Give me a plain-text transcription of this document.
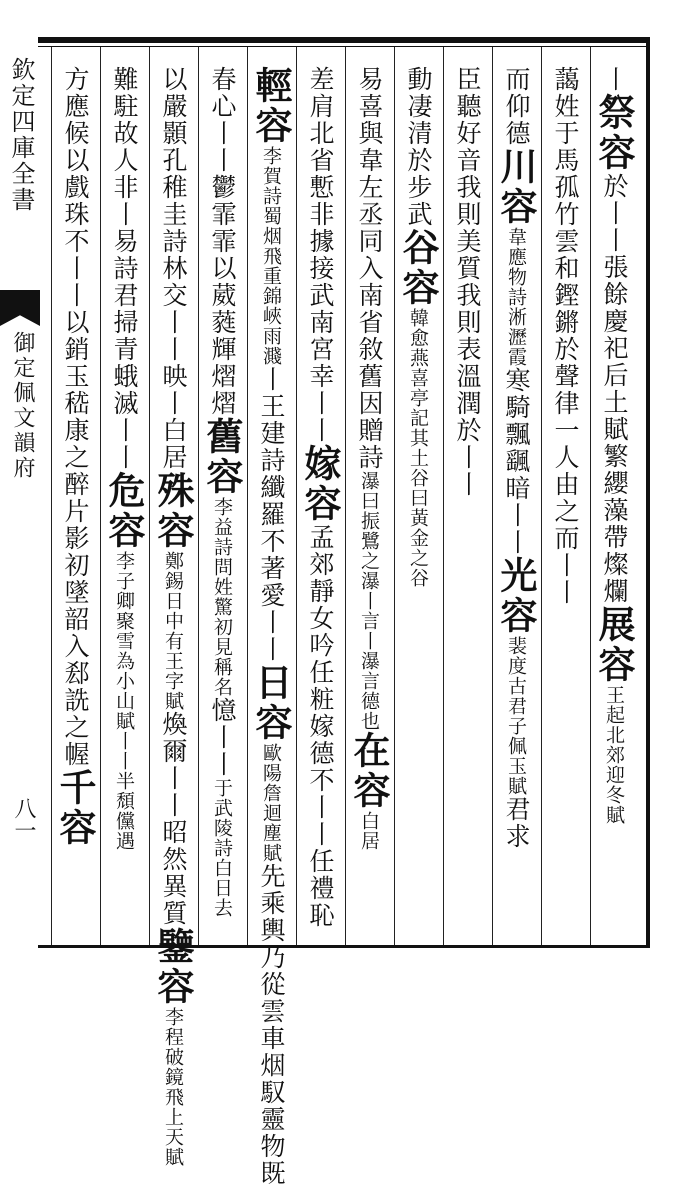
欽定四庫全書
御定佩文韻府
八一
丨祭容於丨丨張餘慶祀后土賦繁纓藻帶燦爛展容王起北郊迎冬賦
藹姓于馬孤竹雲和鏗鏘於聲律一人由之而丨丨
而仰德川容韋應物詩淅瀝霞寒騎飄颻暗丨丨光容裴度古君子佩玉賦君求
臣聽好音我則美質我則表溫潤於丨丨
動凄清於步武谷容韓愈燕喜亭記其土谷曰黃金之谷
易喜與韋左丞同入南省敘舊因贈詩瀑曰振鷺之瀑丨言丨瀑言德也在容白居
差肩北省慙非據接武南宮幸丨丨嫁容孟郊靜女吟任粧嫁德不丨丨任禮恥
輕容李賀詩蜀烟飛重錦峽雨濺丨王建詩纖羅不著愛丨丨日容歐陽詹迴塵賦先乘輿乃從雲車烟馭靈物既
春心丨丨鬱霏霏以葳蕤輝熠熠舊容李益詩問姓驚初見稱名憶丨丨于武陵詩白日去
以嚴顥孔稚圭詩林交丨丨映丨白居殊容鄭錫日中有王字賦煥爾丨丨昭然異質鑒容李程破鏡飛上天賦
難駐故人非丨易詩君掃青蛾滅丨丨危容李子卿聚雪為小山賦丨丨半頹儻遇
方應候以戲珠不丨丨以銷玉嵇康之醉片影初墜韶入郄詵之幄千容
